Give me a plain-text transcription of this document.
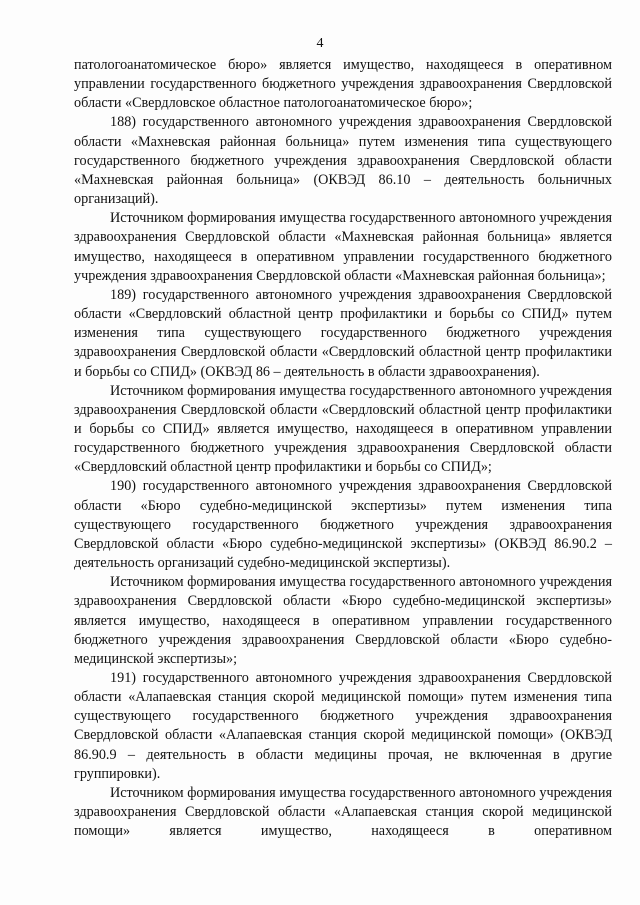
4

патологоанатомическое бюро» является имущество, находящееся в оперативном управлении государственного бюджетного учреждения здравоохранения Свердловской области «Свердловское областное патологоанатомическое бюро»;

188) государственного автономного учреждения здравоохранения Свердловской области «Махневская районная больница» путем изменения типа существующего государственного бюджетного учреждения здравоохранения Свердловской области «Махневская районная больница» (ОКВЭД 86.10 – деятельность больничных организаций).

Источником формирования имущества государственного автономного учреждения здравоохранения Свердловской области «Махневская районная больница» является имущество, находящееся в оперативном управлении государственного бюджетного учреждения здравоохранения Свердловской области «Махневская районная больница»;

189) государственного автономного учреждения здравоохранения Свердловской области «Свердловский областной центр профилактики и борьбы со СПИД» путем изменения типа существующего государственного бюджетного учреждения здравоохранения Свердловской области «Свердловский областной центр профилактики и борьбы со СПИД» (ОКВЭД 86 – деятельность в области здравоохранения).

Источником формирования имущества государственного автономного учреждения здравоохранения Свердловской области «Свердловский областной центр профилактики и борьбы со СПИД» является имущество, находящееся в оперативном управлении государственного бюджетного учреждения здравоохранения Свердловской области «Свердловский областной центр профилактики и борьбы со СПИД»;

190) государственного автономного учреждения здравоохранения Свердловской области «Бюро судебно-медицинской экспертизы» путем изменения типа существующего государственного бюджетного учреждения здравоохранения Свердловской области «Бюро судебно-медицинской экспертизы» (ОКВЭД 86.90.2 – деятельность организаций судебно-медицинской экспертизы).

Источником формирования имущества государственного автономного учреждения здравоохранения Свердловской области «Бюро судебно-медицинской экспертизы» является имущество, находящееся в оперативном управлении государственного бюджетного учреждения здравоохранения Свердловской области «Бюро судебно-медицинской экспертизы»;

191) государственного автономного учреждения здравоохранения Свердловской области «Алапаевская станция скорой медицинской помощи» путем изменения типа существующего государственного бюджетного учреждения здравоохранения Свердловской области «Алапаевская станция скорой медицинской помощи» (ОКВЭД 86.90.9 – деятельность в области медицины прочая, не включенная в другие группировки).

Источником формирования имущества государственного автономного учреждения здравоохранения Свердловской области «Алапаевская станция скорой медицинской помощи» является имущество, находящееся в оперативном
